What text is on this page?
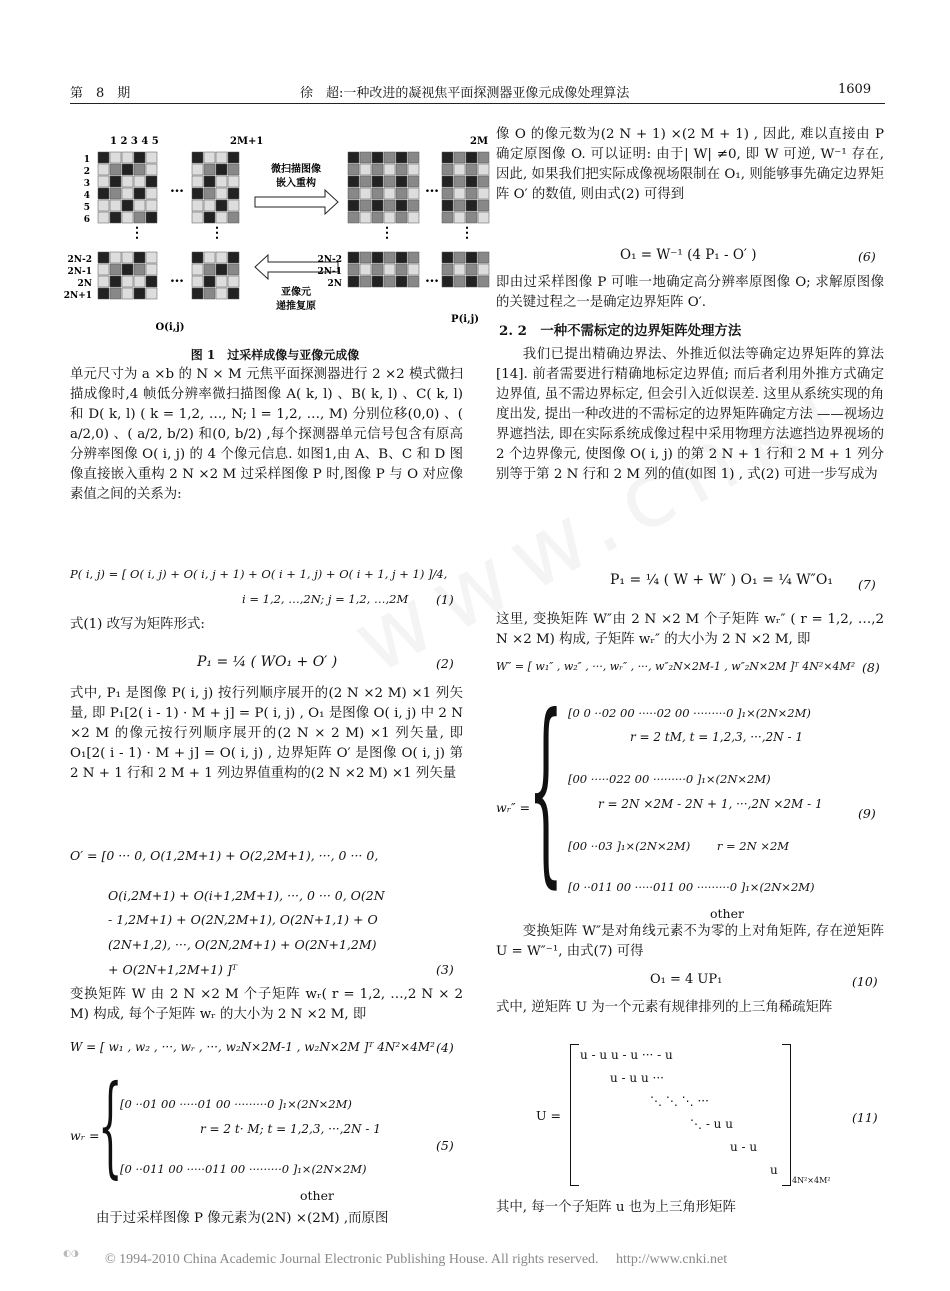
第　8　期	徐　超:一种改进的凝视焦平面探测器亚像元成像处理算法	1609
1 2 3 4 5	2M+1	2M
1
2
3
4
5
6
…
微扫描图像
嵌入重构
亚像元
递推复原
…
⋮	⋮	⋮	⋮
2N-2
2N-1
2N
2N+1
…
O(i,j)
2N-2
2N-1
2N	…
P(i,j)
图 1　过采样成像与亚像元成像

单元尺寸为 a ×b 的 N × M 元焦平面探测器进行 2 ×2 模式微扫描成像时,4 帧低分辨率微扫描图像 A( k, l) 、B( k, l) 、C( k, l) 和 D( k, l) ( k = 1,2, …, N; l = 1,2, …, M) 分别位移(0,0) 、( a/2,0) 、( a/2, b/2) 和(0, b/2) ,每个探测器单元信号包含有原高分辨率图像 O( i, j) 的 4 个像元信息. 如图1,由 A、B、C 和 D 图像直接嵌入重构 2 N ×2 M 过采样图像 P 时,图像 P 与 O 对应像素值之间的关系为:

P( i, j) = [ O( i, j) + O( i, j + 1) + O( i + 1, j) + O( i + 1, j + 1) ]/4,
i = 1,2, …,2N; j = 1,2, …,2M (1)

式(1) 改写为矩阵形式:

P₁ = ¼ ( WO₁ + O′ )	(2)

式中, P₁ 是图像 P( i, j) 按行列顺序展开的(2 N ×2 M) ×1 列矢量, 即 P₁[2( i - 1) · M + j] = P( i, j) , O₁ 是图像 O( i, j) 中 2 N ×2 M 的像元按行列顺序展开的(2 N × 2 M) ×1 列矢量, 即 O₁[2( i - 1) · M + j] = O( i, j) , 边界矩阵 O′ 是图像 O( i, j) 第 2 N + 1 行和 2 M + 1 列边界值重构的(2 N ×2 M) ×1 列矢量

O′ = [0 ··· 0, O(1,2M+1) + O(2,2M+1), ···, 0 ··· 0,
O(i,2M+1) + O(i+1,2M+1), ···, 0 ··· 0, O(2N
- 1,2M+1) + O(2N,2M+1), O(2N+1,1) + O
(2N+1,2), ···, O(2N,2M+1) + O(2N+1,2M)
+ O(2N+1,2M+1) ]ᵀ	(3)

变换矩阵 W 由 2 N ×2 M 个子矩阵 wᵣ( r = 1,2, …,2 N × 2 M) 构成, 每个子矩阵 wᵣ 的大小为 2 N ×2 M, 即

W = [ w₁ , w₂ , ···, wᵣ , ···, w₂N×2M-1 , w₂N×2M ]ᵀ 4N²×4M² (4)
wᵣ =
{
[0 ··01 00 ·····01 00 ·········0 ]₁×(2N×2M)
r = 2 t· M; t = 1,2,3, ···,2N - 1
[0 ··011 00 ·····011 00 ·········0 ]₁×(2N×2M)
other
(5)

由于过采样图像 P 像元素为(2N) ×(2M) ,而原图

像 O 的像元数为(2 N + 1) ×(2 M + 1) , 因此, 难以直接由 P 确定原图像 O. 可以证明: 由于| W| ≠0, 即 W 可逆, W⁻¹ 存在, 因此, 如果我们把实际成像视场限制在 O₁, 则能够事先确定边界矩阵 O′ 的数值, 则由式(2) 可得到

O₁ = W⁻¹ (4 P₁ - O′ )	(6)

即由过采样图像 P 可唯一地确定高分辨率原图像 O; 求解原图像的关键过程之一是确定边界矩阵 O′.

2. 2　一种不需标定的边界矩阵处理方法

我们已提出精确边界法、外推近似法等确定边界矩阵的算法[14]. 前者需要进行精确地标定边界值; 而后者利用外推方式确定边界值, 虽不需边界标定, 但会引入近似误差. 这里从系统实现的角度出发, 提出一种改进的不需标定的边界矩阵确定方法 ——视场边界遮挡法, 即在实际系统成像过程中采用物理方法遮挡边界视场的 2 个边界像元, 使图像 O( i, j) 的第 2 N + 1 行和 2 M + 1 列分别等于第 2 N 行和 2 M 列的值(如图 1) , 式(2) 可进一步写成为

P₁ = ¼ ( W + W′ ) O₁ = ¼ W″O₁ (7)

这里, 变换矩阵 W″由 2 N ×2 M 个子矩阵 wᵣ″ ( r = 1,2, …,2 N ×2 M) 构成, 子矩阵 wᵣ″ 的大小为 2 N ×2 M, 即

W″ = [ w₁″ , w₂″ , ···, wᵣ″ , ···, w″₂N×2M-1 , w″₂N×2M ]ᵀ 4N²×4M² (8)
wᵣ″ =
{ [0 0 ··02 00 ·····02 00 ·········0 ]₁×(2N×2M)
r = 2 tM, t = 1,2,3, ···,2N - 1
[00 ·····022 00 ·········0 ]₁×(2N×2M)
r = 2N ×2M - 2N + 1, ···,2N ×2M - 1
[00 ··03 ]₁×(2N×2M)　　 r = 2N ×2M
[0 ··011 00 ·····011 00 ·········0 ]₁×(2N×2M)
other
(9)

变换矩阵 W″是对角线元素不为零的上对角矩阵, 存在逆矩阵 U = W″⁻¹, 由式(7) 可得

O₁ = 4 UP₁	(10)

式中, 逆矩阵 U 为一个元素有规律排列的上三角稀疏矩阵

U =
u - u u - u ··· - u
u - u u ···
⋱ ⋱ ⋱ ···
⋱ - u u
u - u
u
4N²×4M²
(11)

其中, 每一个子矩阵 u 也为上三角形矩阵

◐◑	© 1994-2010 China Academic Journal Electronic Publishing House. All rights reserved.　 http://www.cnki.net
